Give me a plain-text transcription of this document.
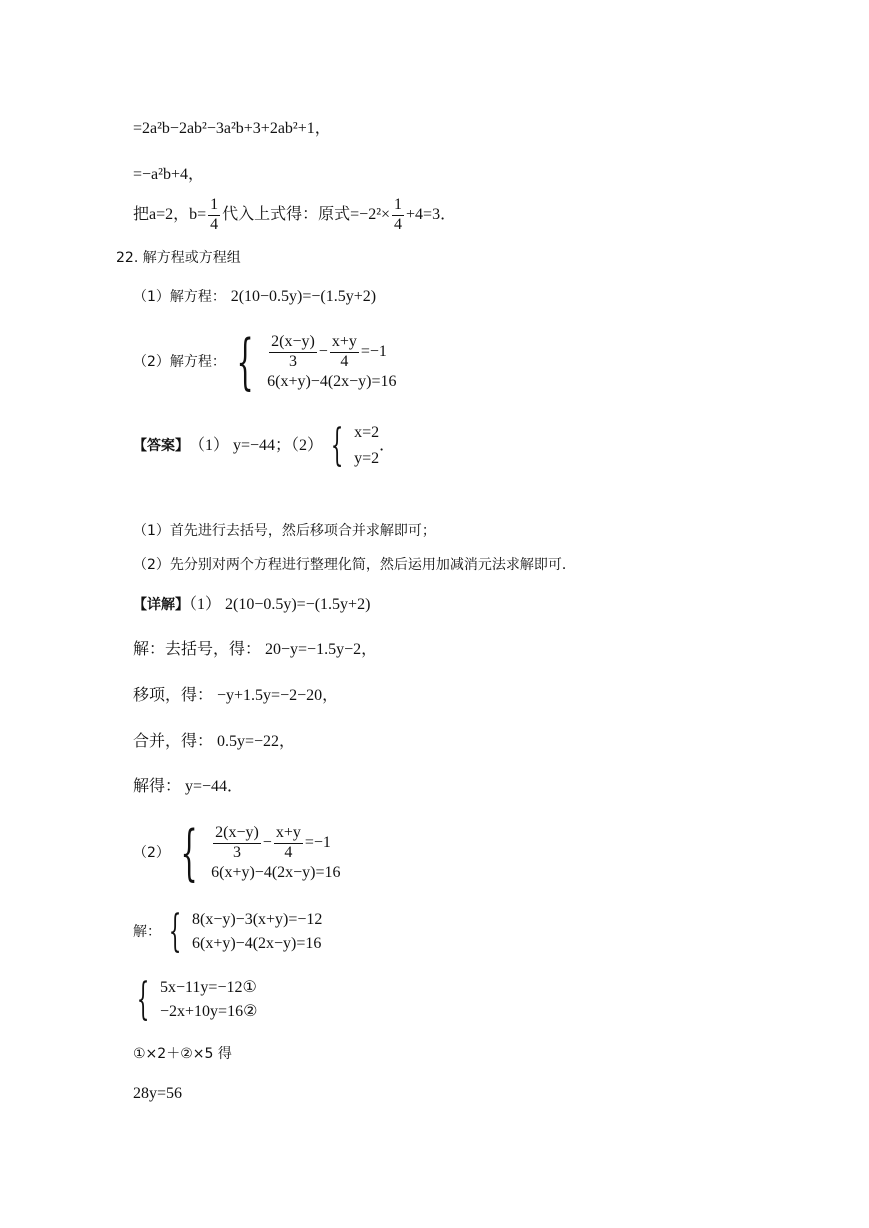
=2a²b−2ab²−3a²b+3+2ab²+1，
=−a²b+4，
把a=2，$b= \frac{1}{4}$ 代入上式得：原式$=-2^2\times \frac{1}{4} +4=3$．
22. 解方程或方程组
（1）解方程： 2(10−0.5y)=−(1.5y+2)
（2）解方程： { $\frac{2(x-y)}{3} - \frac{x+y}{4} =-1$
6(x+y)−4(2x−y)=16
【答案】 （1） y=−44；（2） { x=2
y=2
．
（1）首先进行去括号，然后移项合并求解即可；
（2）先分别对两个方程进行整理化简，然后运用加减消元法求解即可．
【详解】（1） 2(10−0.5y)=−(1.5y+2)
解：去括号，得： 20−y=−1.5y−2，
移项，得： −y+1.5y=−2−20，
合并，得： 0.5y=−22，
解得： y=−44．
（2） { $\frac{2(x-y)}{3} - \frac{x+y}{4} =-1$
6(x+y)−4(2x−y)=16
解： { 8(x−y)−3(x+y)=−12
6(x+y)−4(2x−y)=16
{ 5x−11y=−12①
−2x+10y=16②
①×2＋②×5 得
28y=56
